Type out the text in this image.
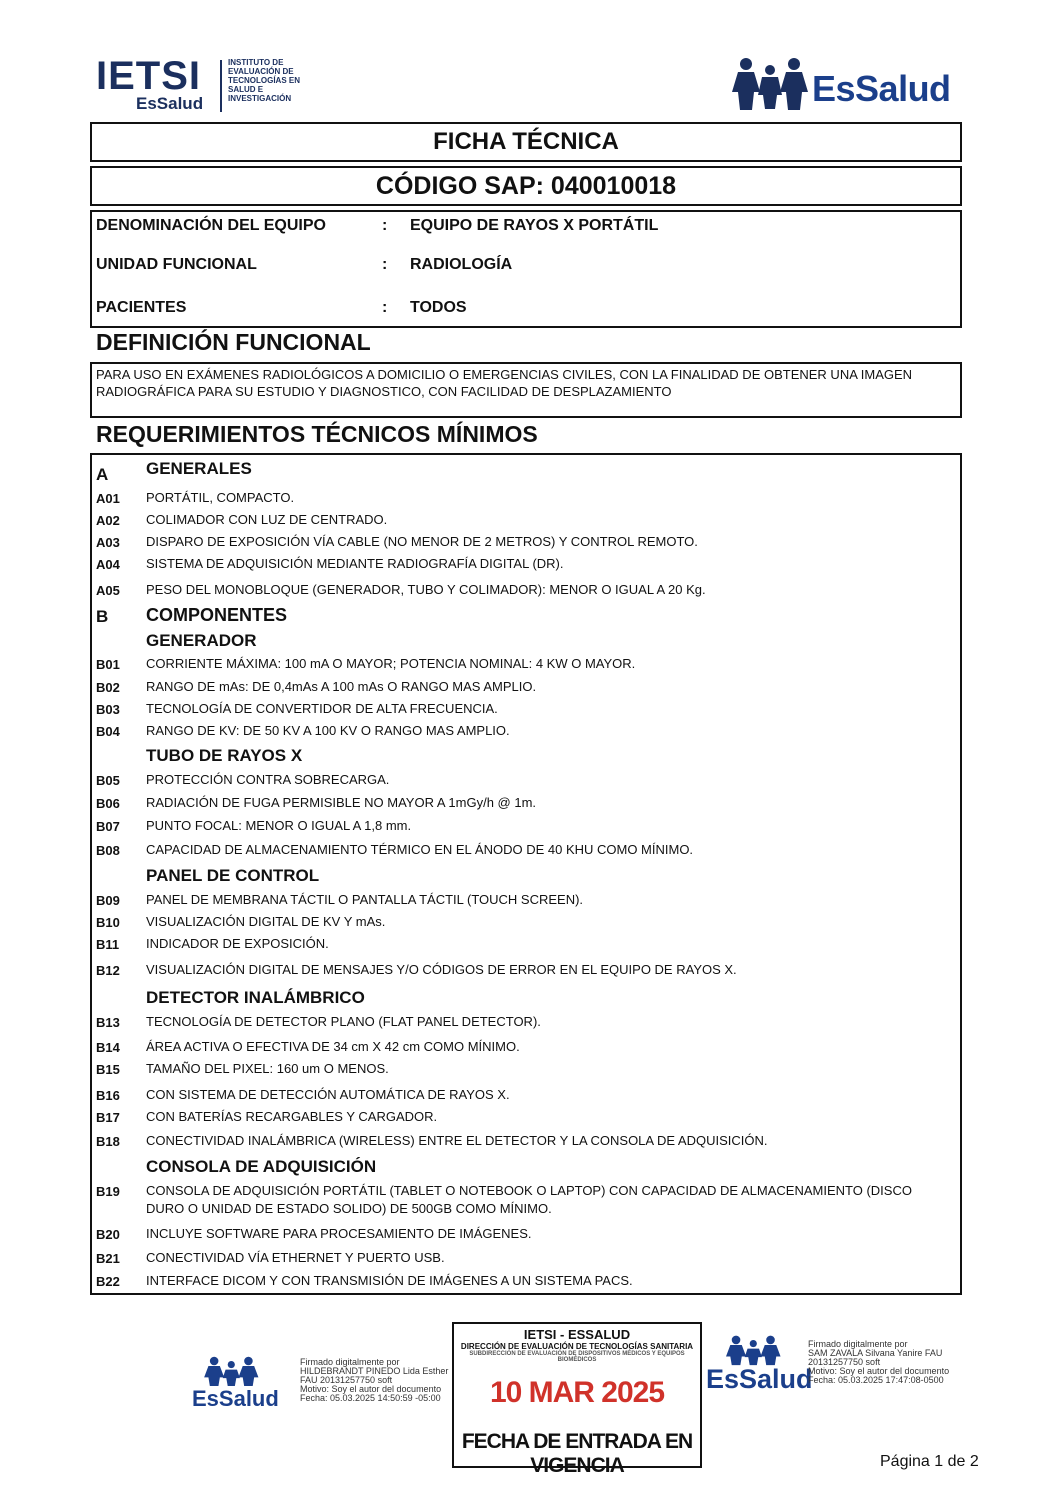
IETSI
EsSalud
INSTITUTO DE
EVALUACIÓN DE
TECNOLOGÍAS EN
SALUD E
INVESTIGACIÓN	EsSalud
FICHA TÉCNICA
CÓDIGO SAP: 040010018
DENOMINACIÓN DEL EQUIPO	: EQUIPO DE RAYOS X PORTÁTIL
UNIDAD FUNCIONAL	: RADIOLOGÍA
PACIENTES	: TODOS
DEFINICIÓN FUNCIONAL
PARA USO EN EXÁMENES RADIOLÓGICOS A DOMICILIO O EMERGENCIAS CIVILES, CON LA FINALIDAD DE OBTENER UNA IMAGEN RADIOGRÁFICA PARA SU ESTUDIO Y DIAGNOSTICO, CON FACILIDAD DE DESPLAZAMIENTO
REQUERIMIENTOS TÉCNICOS MÍNIMOS
A GENERALES
A01 PORTÁTIL, COMPACTO.
A02 COLIMADOR CON LUZ DE CENTRADO.
A03 DISPARO DE EXPOSICIÓN VÍA CABLE (NO MENOR DE 2 METROS) Y CONTROL REMOTO.
A04 SISTEMA DE ADQUISICIÓN MEDIANTE RADIOGRAFÍA DIGITAL (DR).
A05 PESO DEL MONOBLOQUE (GENERADOR, TUBO Y COLIMADOR): MENOR O IGUAL A 20 Kg.
B COMPONENTES
GENERADOR
B01 CORRIENTE MÁXIMA: 100 mA O MAYOR; POTENCIA NOMINAL: 4 KW O MAYOR.
B02 RANGO DE mAs: DE 0,4mAs A 100 mAs O RANGO MAS AMPLIO.
B03 TECNOLOGÍA DE CONVERTIDOR DE ALTA FRECUENCIA.
B04 RANGO DE KV: DE 50 KV A 100 KV O RANGO MAS AMPLIO.
TUBO DE RAYOS X
B05 PROTECCIÓN CONTRA SOBRECARGA.
B06 RADIACIÓN DE FUGA PERMISIBLE NO MAYOR A 1mGy/h @ 1m.
B07 PUNTO FOCAL: MENOR O IGUAL A 1,8 mm.
B08 CAPACIDAD DE ALMACENAMIENTO TÉRMICO EN EL ÁNODO DE 40 KHU COMO MÍNIMO.
PANEL DE CONTROL
B09 PANEL DE MEMBRANA TÁCTIL O PANTALLA TÁCTIL (TOUCH SCREEN).
B10 VISUALIZACIÓN DIGITAL DE KV Y mAs.
B11 INDICADOR DE EXPOSICIÓN.
B12 VISUALIZACIÓN DIGITAL DE MENSAJES Y/O CÓDIGOS DE ERROR EN EL EQUIPO DE RAYOS X.
DETECTOR INALÁMBRICO
B13 TECNOLOGÍA DE DETECTOR PLANO (FLAT PANEL DETECTOR).
B14 ÁREA ACTIVA O EFECTIVA DE 34 cm X 42 cm COMO MÍNIMO.
B15 TAMAÑO DEL PIXEL: 160 um O MENOS.
B16 CON SISTEMA DE DETECCIÓN AUTOMÁTICA DE RAYOS X.
B17 CON BATERÍAS RECARGABLES Y CARGADOR.
B18 CONECTIVIDAD INALÁMBRICA (WIRELESS) ENTRE EL DETECTOR Y LA CONSOLA DE ADQUISICIÓN.
CONSOLA DE ADQUISICIÓN
B19 CONSOLA DE ADQUISICIÓN PORTÁTIL (TABLET O NOTEBOOK O LAPTOP) CON CAPACIDAD DE ALMACENAMIENTO (DISCO DURO O UNIDAD DE ESTADO SOLIDO) DE 500GB COMO MÍNIMO.
B20 INCLUYE SOFTWARE PARA PROCESAMIENTO DE IMÁGENES.
B21 CONECTIVIDAD VÍA ETHERNET Y PUERTO USB.
B22 INTERFACE DICOM Y CON TRANSMISIÓN DE IMÁGENES A UN SISTEMA PACS.
EsSalud
Firmado digitalmente por
HILDEBRANDT PINEDO Lida Esther
FAU 20131257750 soft
Motivo: Soy el autor del documento
Fecha: 05.03.2025 14:50:59 -05:00
IETSI - ESSALUD
DIRECCIÓN DE EVALUACIÓN DE TECNOLOGÍAS SANITARIA
SUBDIRECCIÓN DE EVALUACIÓN DE DISPOSITIVOS MÉDICOS Y EQUIPOS BIOMÉDICOS
10 MAR 2025
FECHA DE ENTRADA EN VIGENCIA
EsSalud
Firmado digitalmente por
SAM ZAVALA Silvana Yanire FAU
20131257750 soft
Motivo: Soy el autor del documento
Fecha: 05.03.2025 17:47:08-0500
Página 1 de 2
